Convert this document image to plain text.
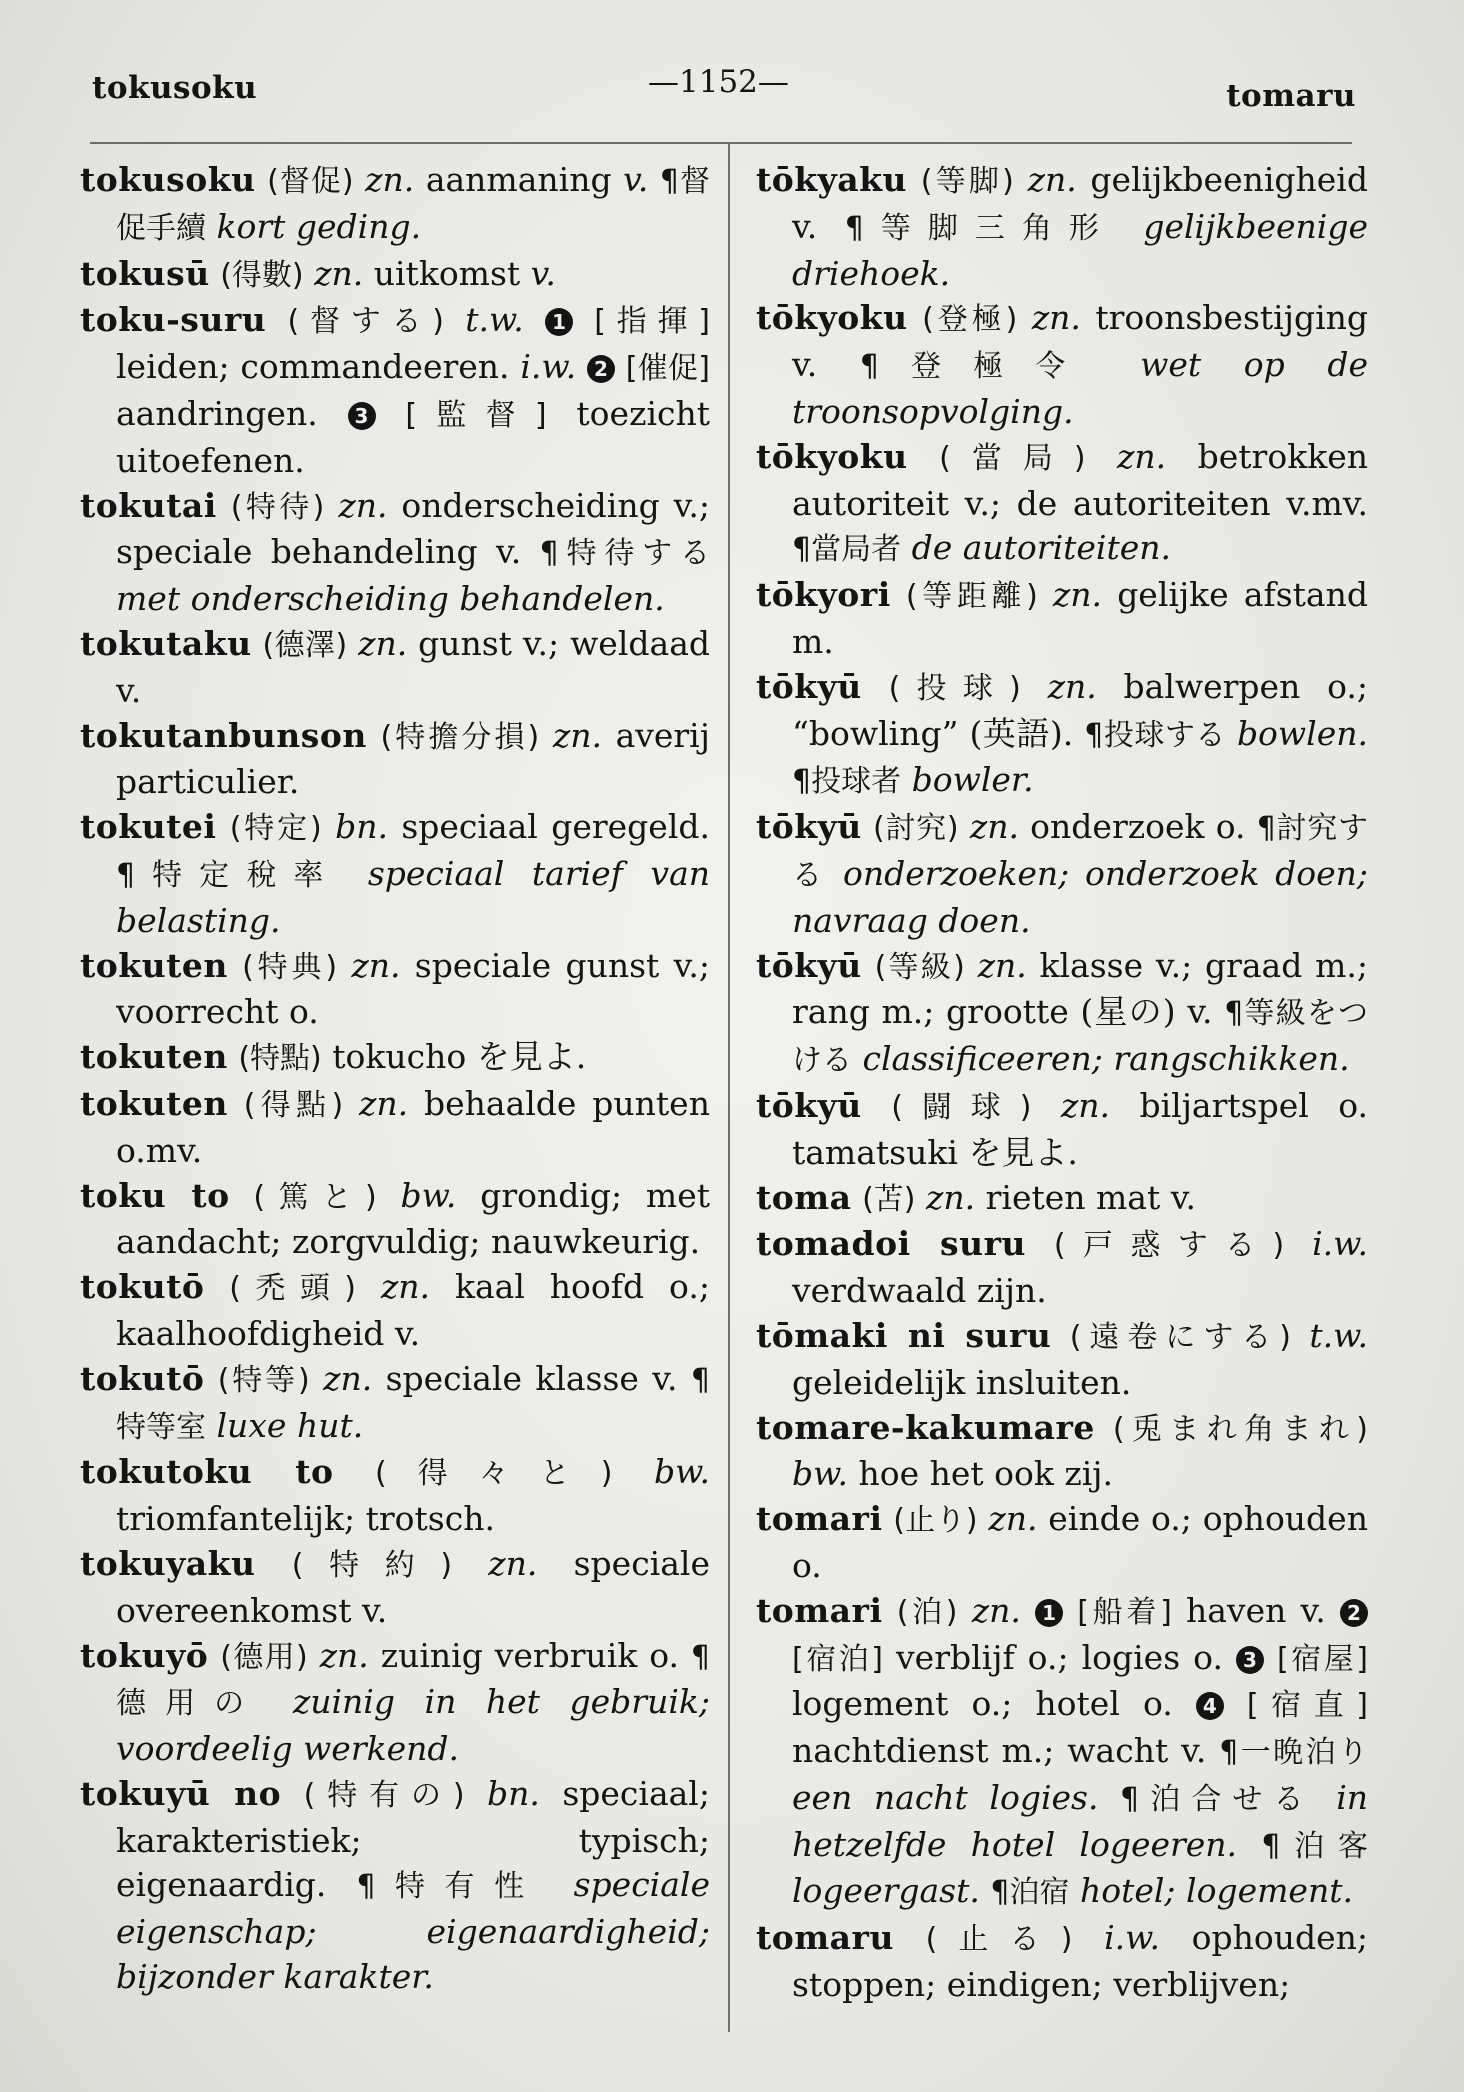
tokusoku	—1152—	tomaru

tokusoku (督促) zn. aanmaning v. ¶督促手續 kort geding.

tokusū (得數) zn. uitkomst v.

toku-suru (督する) t.w. 1 [指揮] leiden; commandeeren. i.w. 2 [催促] aandringen. 3 [監督] toezicht uitoefenen.

tokutai (特待) zn. onderscheiding v.; speciale behandeling v. ¶特待する met onderscheiding behandelen.

tokutaku (德澤) zn. gunst v.; weldaad v.

tokutanbunson (特擔分損) zn. averij particulier.

tokutei (特定) bn. speciaal geregeld. ¶特定稅率 speciaal tarief van belasting.

tokuten (特典) zn. speciale gunst v.; voorrecht o.

tokuten (特點) tokucho を見よ.

tokuten (得點) zn. behaalde punten o.mv.

toku to (篤と) bw. grondig; met aandacht; zorgvuldig; nauwkeurig.

tokutō (禿頭) zn. kaal hoofd o.; kaalhoofdigheid v.

tokutō (特等) zn. speciale klasse v. ¶特等室 luxe hut.

tokutoku to (得々と) bw. triomfantelijk; trotsch.

tokuyaku (特約) zn. speciale overeenkomst v.

tokuyō (德用) zn. zuinig verbruik o. ¶德用の zuinig in het gebruik; voordeelig werkend.

tokuyū no (特有の) bn. speciaal; karakteristiek; typisch; eigenaardig. ¶特有性 speciale eigenschap; eigenaardigheid; bijzonder karakter.

tōkyaku (等脚) zn. gelijkbeenigheid v. ¶等脚三角形 gelijkbeenige driehoek.

tōkyoku (登極) zn. troonsbestijging v. ¶登極令 wet op de troonsopvolging.

tōkyoku (當局) zn. betrokken autoriteit v.; de autoriteiten v.mv. ¶當局者 de autoriteiten.

tōkyori (等距離) zn. gelijke afstand m.

tōkyū (投球) zn. balwerpen o.; “bowling” (英語). ¶投球する bowlen. ¶投球者 bowler.

tōkyū (討究) zn. onderzoek o. ¶討究する onderzoeken; onderzoek doen; navraag doen.

tōkyū (等級) zn. klasse v.; graad m.; rang m.; grootte (星の) v. ¶等級をつける classificeeren; rangschikken.

tōkyū (闘球) zn. biljartspel o. tamatsuki を見よ.

toma (苫) zn. rieten mat v.

tomadoi suru (戸惑する) i.w. verdwaald zijn.

tōmaki ni suru (遠卷にする) t.w. geleidelijk insluiten.

tomare-kakumare (兎まれ角まれ) bw. hoe het ook zij.

tomari (止り) zn. einde o.; ophouden o.

tomari (泊) zn. 1 [船着] haven v. 2 [宿泊] verblijf o.; logies o. 3 [宿屋] logement o.; hotel o. 4 [宿直] nachtdienst m.; wacht v. ¶一晩泊り een nacht logies. ¶泊合せる in hetzelfde hotel logeeren. ¶泊客 logeergast. ¶泊宿 hotel; logement.

tomaru (止る) i.w. ophouden; stoppen; eindigen; verblijven;
